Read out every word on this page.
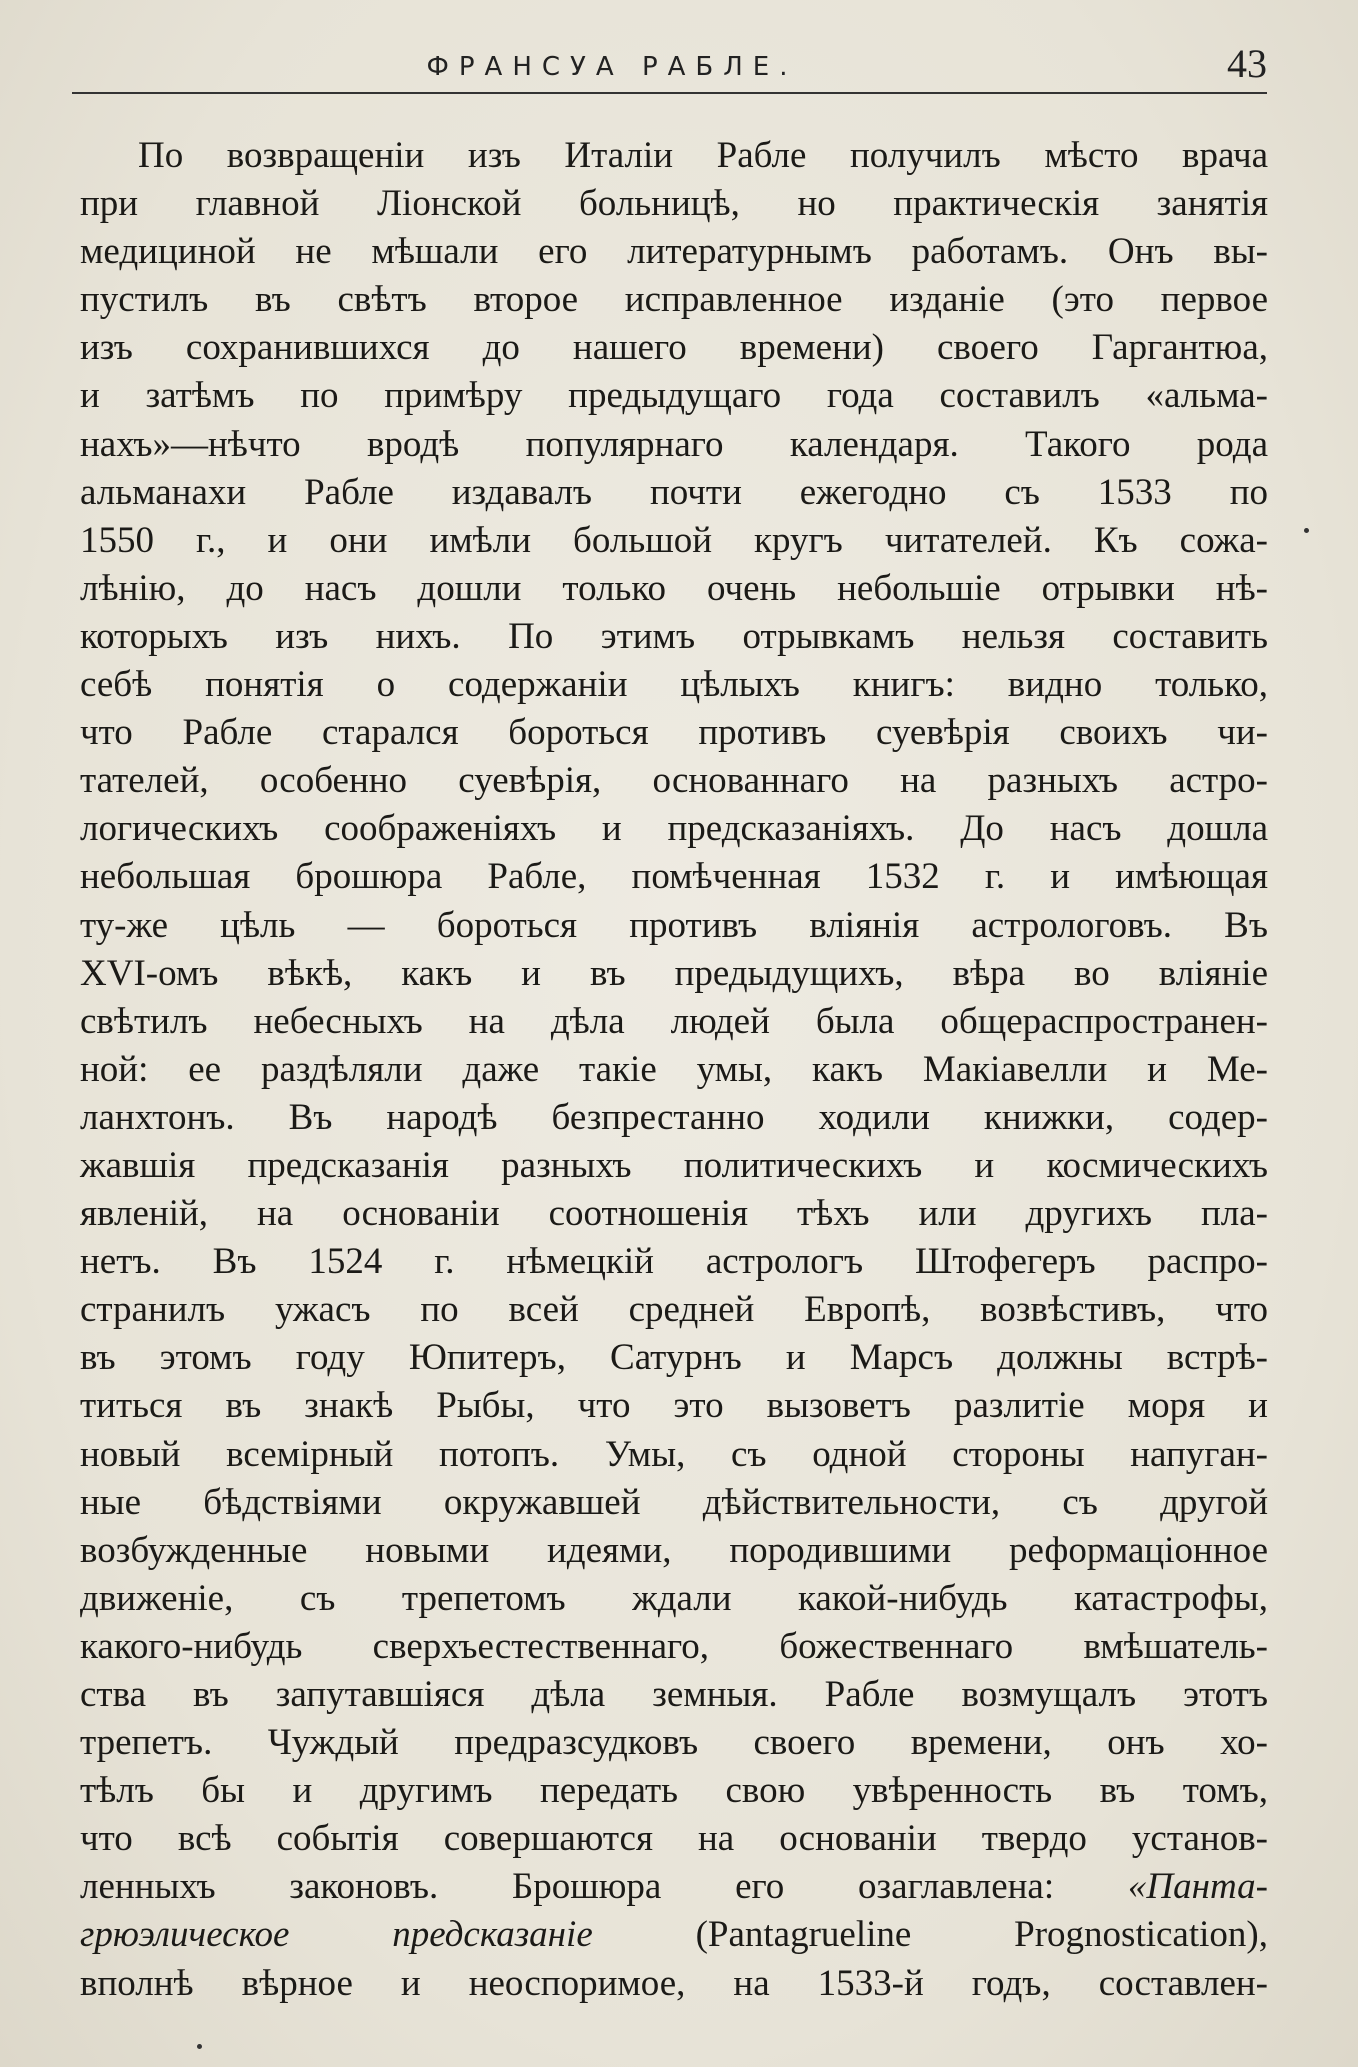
ФРАНСУА РАБЛЕ.	43
По возвращеніи изъ Италіи Рабле получилъ мѣсто врача
при главной Ліонской больницѣ, но практическія занятія
медициной не мѣшали его литературнымъ работамъ. Онъ вы-
пустилъ въ свѣтъ второе исправленное изданіе (это первое
изъ сохранившихся до нашего времени) своего Гаргантюа,
и затѣмъ по примѣру предыдущаго года составилъ «альма-
нахъ»—нѣчто вродѣ популярнаго календаря. Такого рода
альманахи Рабле издавалъ почти ежегодно съ 1533 по
1550 г., и они имѣли большой кругъ читателей. Къ сожа-
лѣнію, до насъ дошли только очень небольшіе отрывки нѣ-
которыхъ изъ нихъ. По этимъ отрывкамъ нельзя составить
себѣ понятія о содержаніи цѣлыхъ книгъ: видно только,
что Рабле старался бороться противъ суевѣрія своихъ чи-
тателей, особенно суевѣрія, основаннаго на разныхъ астро-
логическихъ соображеніяхъ и предсказаніяхъ. До насъ дошла
небольшая брошюра Рабле, помѣченная 1532 г. и имѣющая
ту-же цѣль — бороться противъ вліянія астрологовъ. Въ
XVI-омъ вѣкѣ, какъ и въ предыдущихъ, вѣра во вліяніе
свѣтилъ небесныхъ на дѣла людей была общераспространен-
ной: ее раздѣляли даже такіе умы, какъ Макіавелли и Ме-
ланхтонъ. Въ народѣ безпрестанно ходили книжки, содер-
жавшія предсказанія разныхъ политическихъ и космическихъ
явленій, на основаніи соотношенія тѣхъ или другихъ пла-
нетъ. Въ 1524 г. нѣмецкій астрологъ Штофегеръ распро-
странилъ ужасъ по всей средней Европѣ, возвѣстивъ, что
въ этомъ году Юпитеръ, Сатурнъ и Марсъ должны встрѣ-
титься въ знакѣ Рыбы, что это вызоветъ разлитіе моря и
новый всемірный потопъ. Умы, съ одной стороны напуган-
ные бѣдствіями окружавшей дѣйствительности, съ другой
возбужденные новыми идеями, породившими реформаціонное
движеніе, съ трепетомъ ждали какой-нибудь катастрофы,
какого-нибудь сверхъестественнаго, божественнаго вмѣшатель-
ства въ запутавшіяся дѣла земныя. Рабле возмущалъ этотъ
трепетъ. Чуждый предразсудковъ своего времени, онъ хо-
тѣлъ бы и другимъ передать свою увѣренность въ томъ,
что всѣ событія совершаются на основаніи твердо установ-
ленныхъ законовъ. Брошюра его озаглавлена: «Панта-
грюэлическое предсказаніе	(Pantagrueline Prognostication),
вполнѣ вѣрное и неоспоримое, на 1533-й годъ, составлен-
